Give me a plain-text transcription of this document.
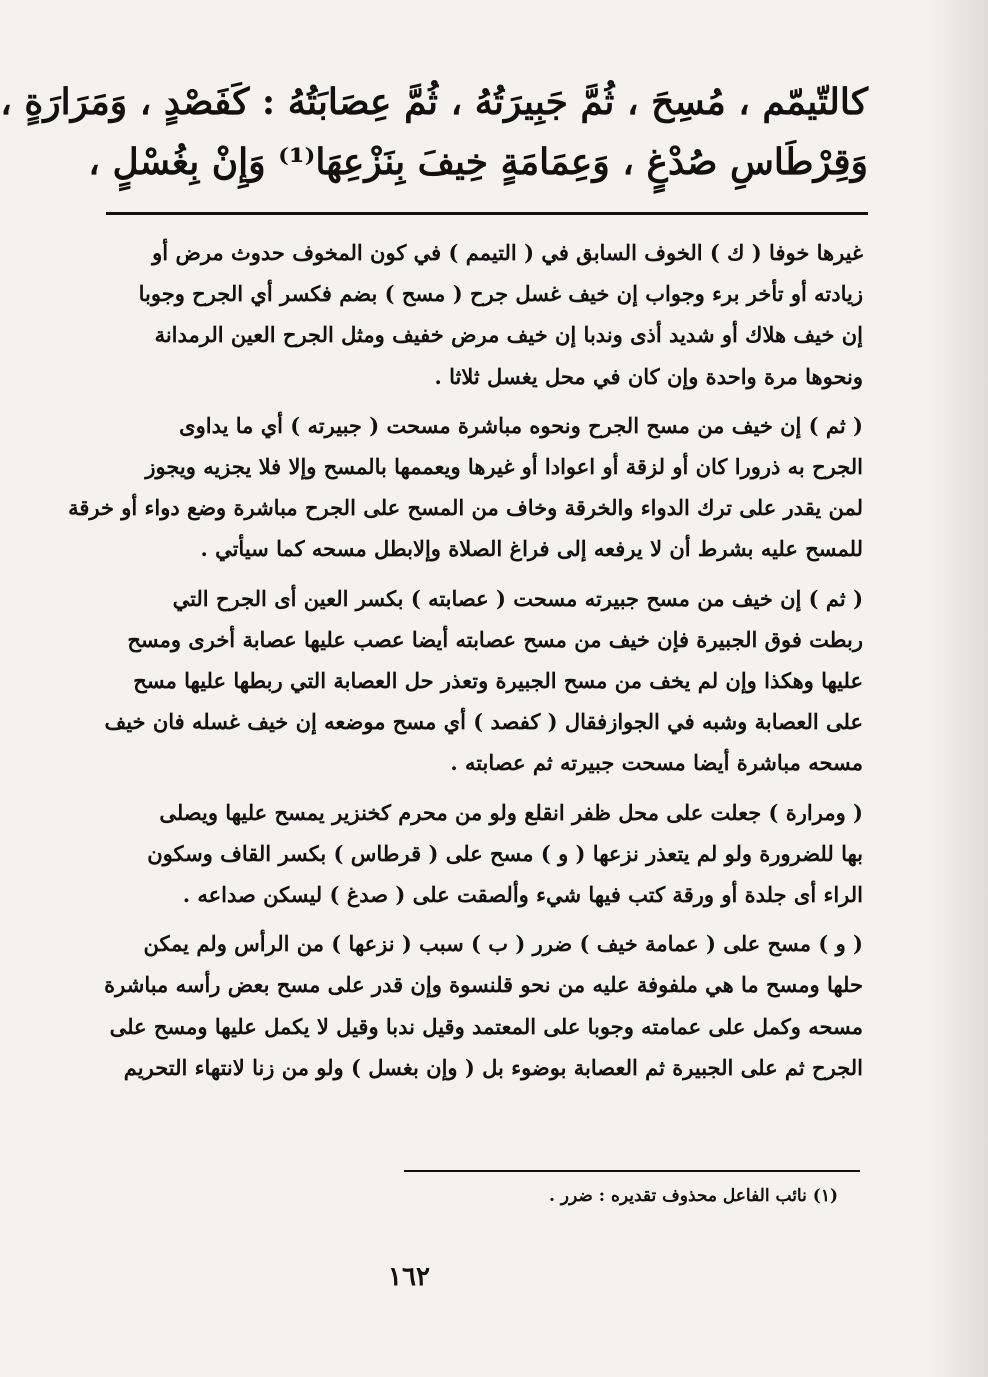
كالتّيمّم ، مُسِحَ ، ثُمَّ جَبِيرَتُهُ ، ثُمَّ عِصَابَتُهُ : كَفَصْدٍ ، وَمَرَارَةٍ ،
وَقِرْطَاسِ صُدْغٍ ، وَعِمَامَةٍ خِيفَ بِنَزْعِهَا⁽¹⁾ وَإِنْ بِغُسْلٍ ،
غيرها خوفا ( ك ) الخوف السابق في ( التيمم ) في كون المخوف حدوث مرض أو
زيادته أو تأخر برء وجواب إن خيف غسل جرح ( مسح ) بضم فكسر أي الجرح وجوبا
إن خيف هلاك أو شديد أذى وندبا إن خيف مرض خفيف ومثل الجرح العين الرمدانة
ونحوها مرة واحدة وإن كان في محل يغسل ثلاثا .
( ثم ) إن خيف من مسح الجرح ونحوه مباشرة مسحت ( جبيرته ) أي ما يداوى
الجرح به ذرورا كان أو لزقة أو اعوادا أو غيرها ويعممها بالمسح وإلا فلا يجزيه ويجوز
لمن يقدر على ترك الدواء والخرقة وخاف من المسح على الجرح مباشرة وضع دواء أو خرقة
للمسح عليه بشرط أن لا يرفعه إلى فراغ الصلاة وإلابطل مسحه كما سيأتي .
( ثم ) إن خيف من مسح جبيرته مسحت ( عصابته ) بكسر العين أى الجرح التي
ربطت فوق الجبيرة فإن خيف من مسح عصابته أيضا عصب عليها عصابة أخرى ومسح
عليها وهكذا وإن لم يخف من مسح الجبيرة وتعذر حل العصابة التي ربطها عليها مسح
على العصابة وشبه في الجوازفقال ( كفصد ) أي مسح موضعه إن خيف غسله فان خيف
مسحه مباشرة أيضا مسحت جبيرته ثم عصابته .
( ومرارة ) جعلت على محل ظفر انقلع ولو من محرم كخنزير يمسح عليها ويصلى
بها للضرورة ولو لم يتعذر نزعها ( و ) مسح على ( قرطاس ) بكسر القاف وسكون
الراء أى جلدة أو ورقة كتب فيها شيء وألصقت على ( صدغ ) ليسكن صداعه .
( و ) مسح على ( عمامة خيف ) ضرر ( ب ) سبب ( نزعها ) من الرأس ولم يمكن
حلها ومسح ما هي ملفوفة عليه من نحو قلنسوة وإن قدر على مسح بعض رأسه مباشرة
مسحه وكمل على عمامته وجوبا على المعتمد وقيل ندبا وقيل لا يكمل عليها ومسح على
الجرح ثم على الجبيرة ثم العصابة بوضوء بل ( وإن بغسل ) ولو من زنا لانتهاء التحريم
(١) نائب الفاعل محذوف تقديره : ضرر .
١٦٢
